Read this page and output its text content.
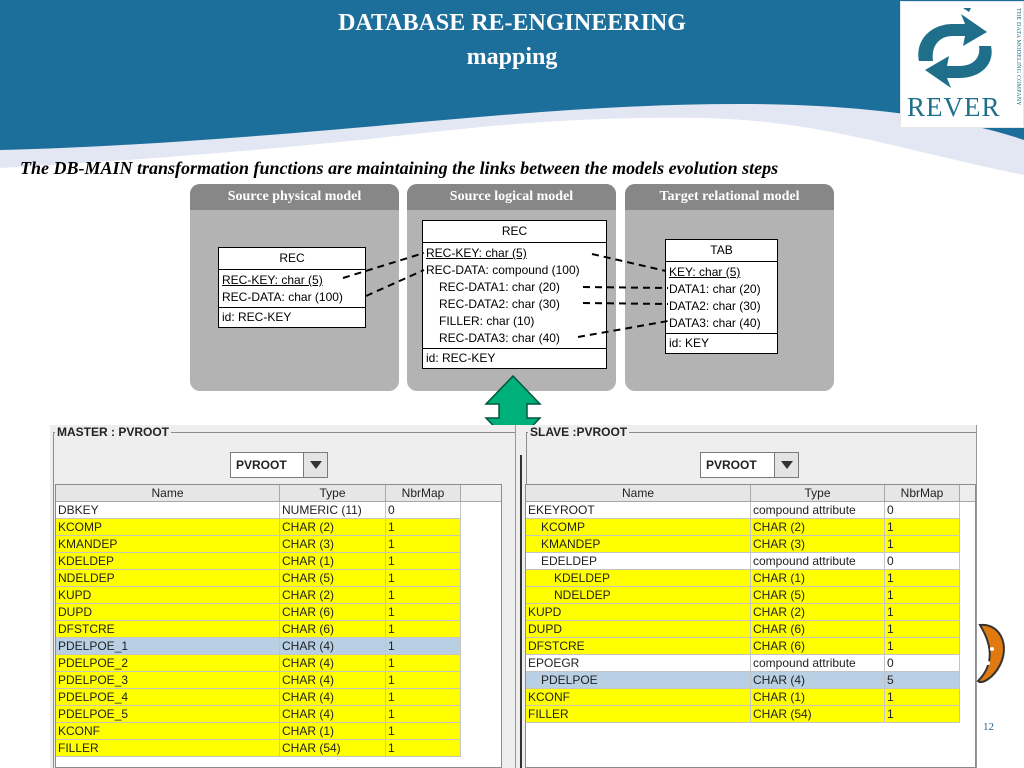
DATABASE RE-ENGINEERING
mapping
REVER
THE DATA MODELING COMPANY
The DB-MAIN transformation functions are maintaining the links between the models evolution steps
Source physical model
REC
REC-KEY: char (5)
REC-DATA: char (100)
id: REC-KEY
Source logical model
REC
REC-KEY: char (5)
REC-DATA: compound (100)
REC-DATA1: char (20)
REC-DATA2: char (30)
FILLER: char (10)
REC-DATA3: char (40)
id: REC-KEY
Target relational model
TAB
KEY: char (5)
DATA1: char (20)
DATA2: char (30)
DATA3: char (40)
id: KEY
MASTER : PVROOT
PVROOT
Name	Type	NbrMap
DBKEY	NUMERIC (11)	0
KCOMP	CHAR (2)	1
KMANDEP	CHAR (3)	1
KDELDEP	CHAR (1)	1
NDELDEP	CHAR (5)	1
KUPD	CHAR (2)	1
DUPD	CHAR (6)	1
DFSTCRE	CHAR (6)	1
PDELPOE_1	CHAR (4)	1
PDELPOE_2	CHAR (4)	1
PDELPOE_3	CHAR (4)	1
PDELPOE_4	CHAR (4)	1
PDELPOE_5	CHAR (4)	1
KCONF	CHAR (1)	1
FILLER	CHAR (54)	1
SLAVE :PVROOT
PVROOT
Name	Type	NbrMap
EKEYROOT	compound attribute	0
KCOMP	CHAR (2)	1
KMANDEP	CHAR (3)	1
EDELDEP	compound attribute	0
KDELDEP	CHAR (1)	1
NDELDEP	CHAR (5)	1
KUPD	CHAR (2)	1
DUPD	CHAR (6)	1
DFSTCRE	CHAR (6)	1
EPOEGR	compound attribute	0
PDELPOE	CHAR (4)	5
KCONF	CHAR (1)	1
FILLER	CHAR (54)	1
12
